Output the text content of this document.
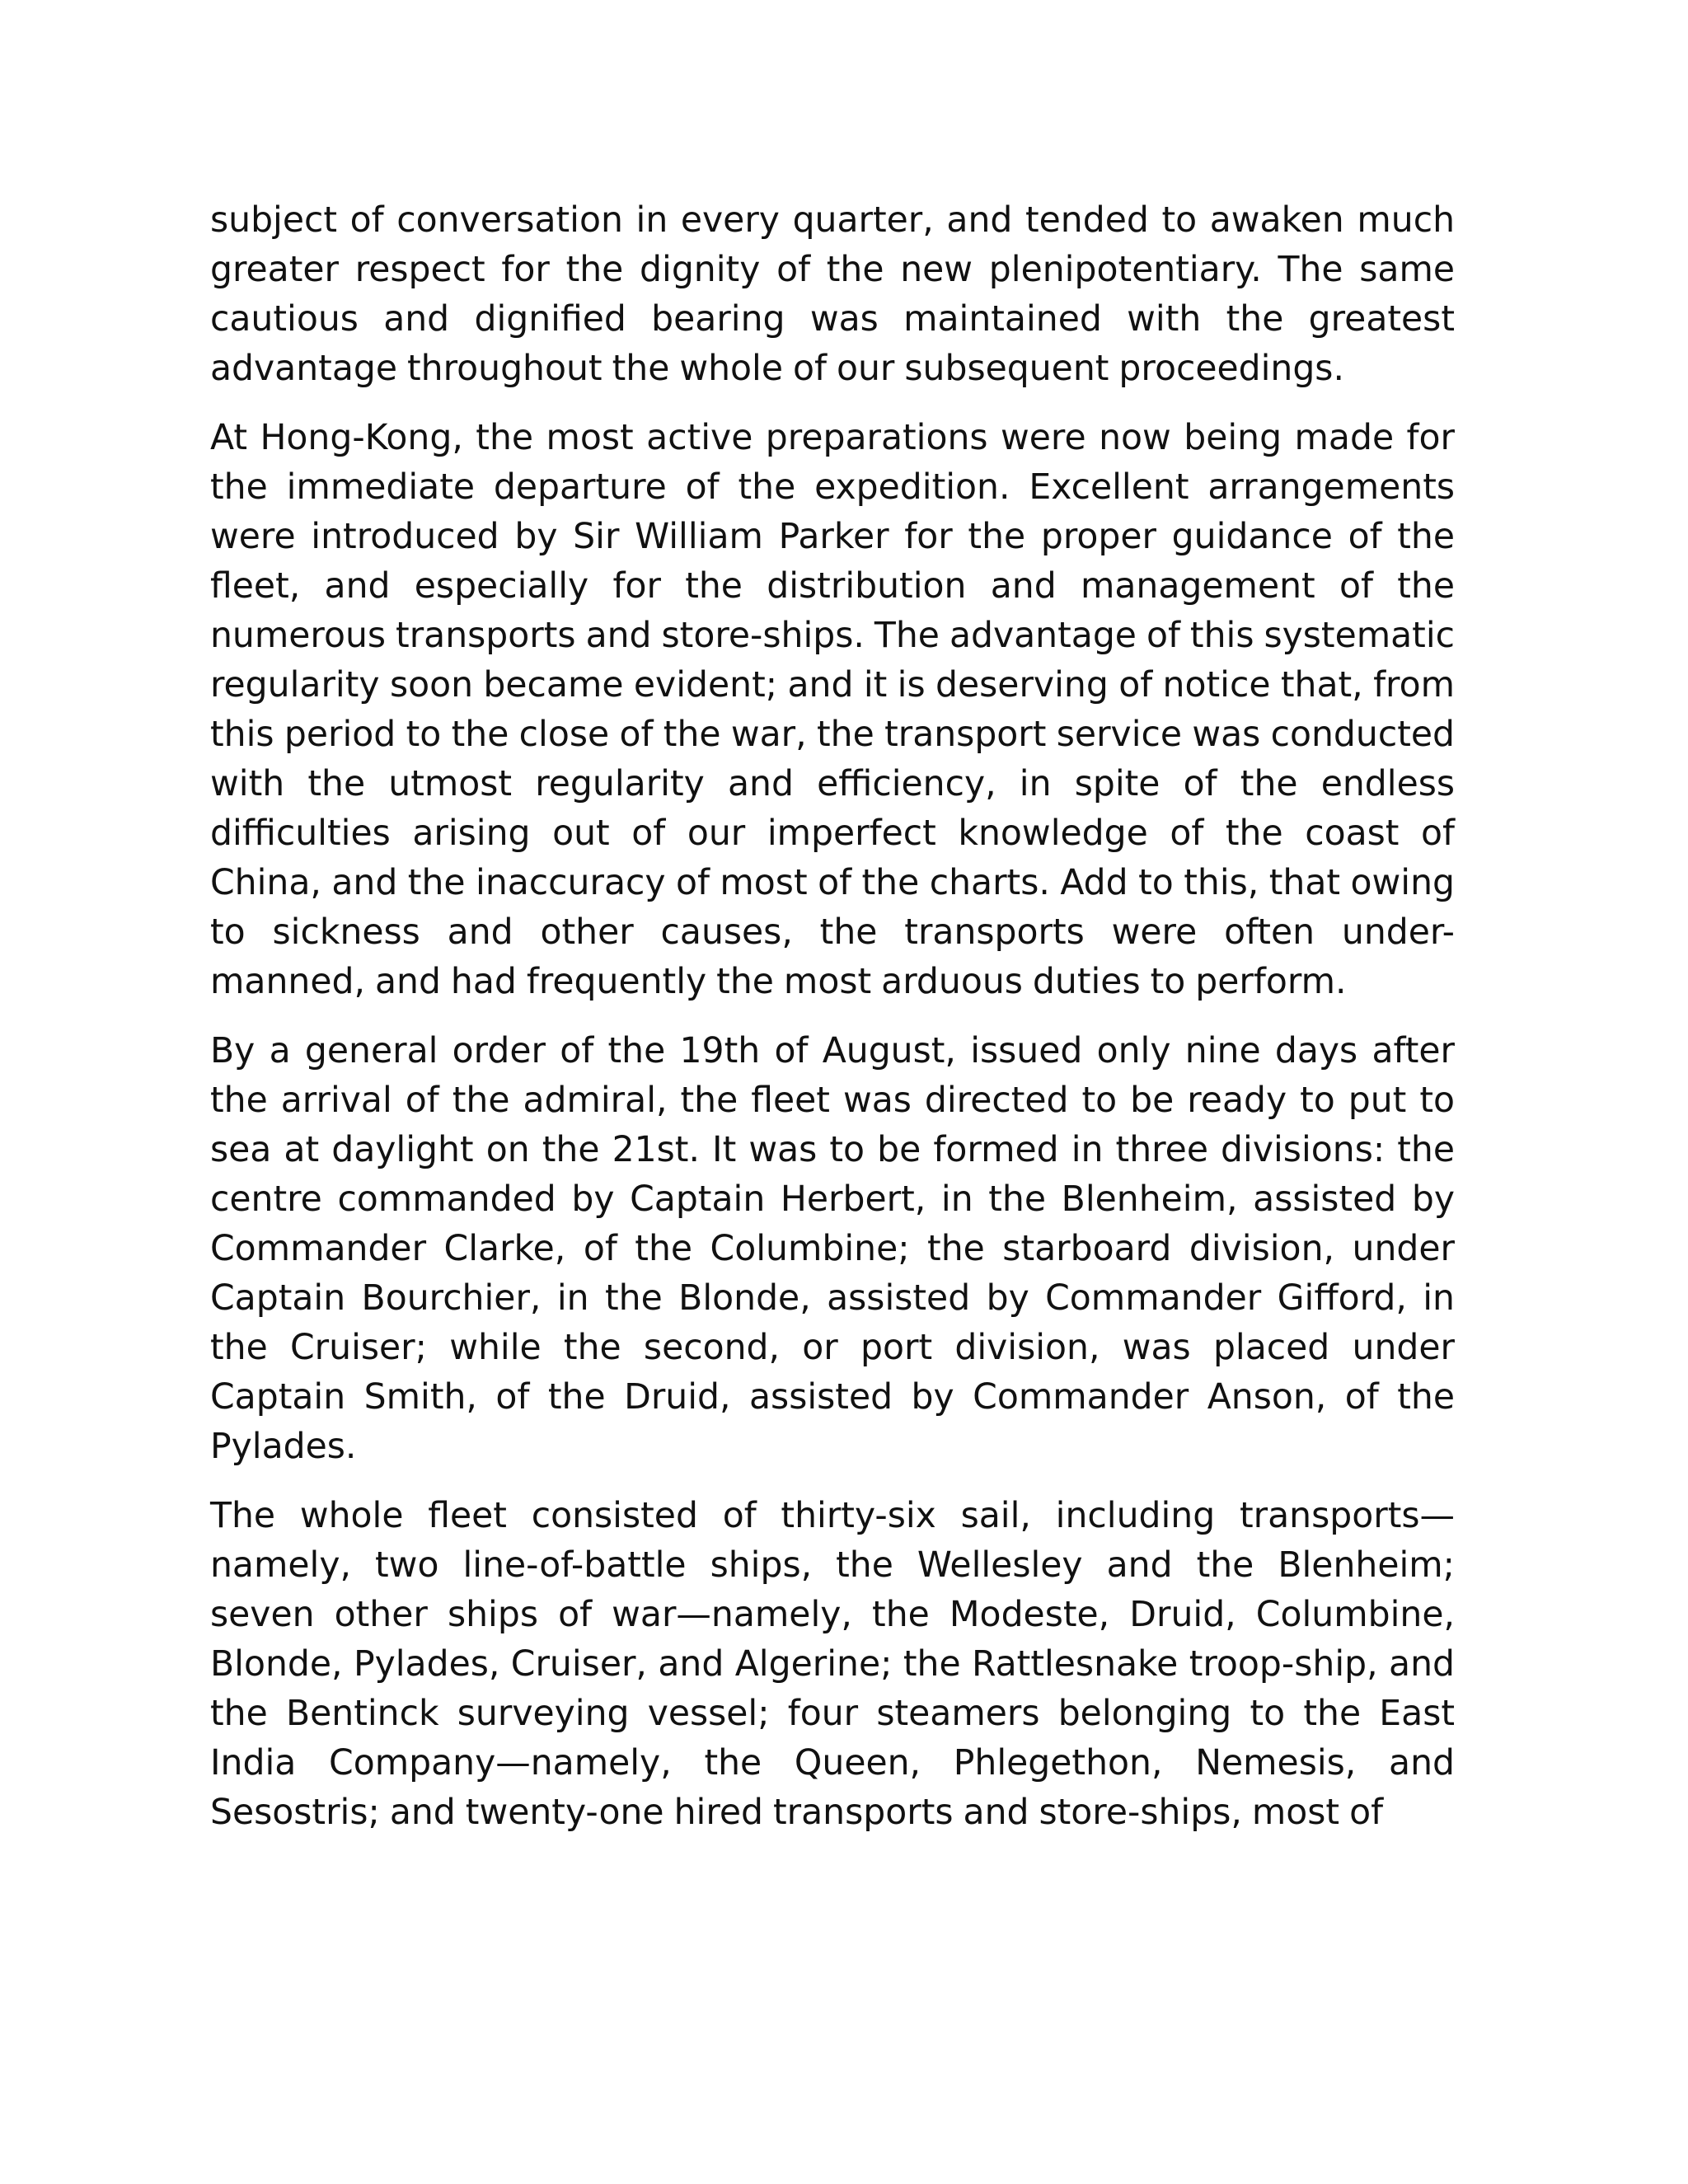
subject of conversation in every quarter, and tended to awaken much greater respect for the dignity of the new plenipotentiary. The same cautious and dignified bearing was maintained with the greatest advantage throughout the whole of our subsequent proceedings.

At Hong-Kong, the most active preparations were now being made for the immediate departure of the expedition. Excellent arrangements were introduced by Sir William Parker for the proper guidance of the fleet, and especially for the distribution and management of the numerous transports and store-ships. The advantage of this systematic regularity soon became evident; and it is deserving of notice that, from this period to the close of the war, the transport service was conducted with the utmost regularity and efficiency, in spite of the endless difficulties arising out of our imperfect knowledge of the coast of China, and the inaccuracy of most of the charts. Add to this, that owing to sickness and other causes, the transports were often under-manned, and had frequently the most arduous duties to perform.

By a general order of the 19th of August, issued only nine days after the arrival of the admiral, the fleet was directed to be ready to put to sea at daylight on the 21st. It was to be formed in three divisions: the centre commanded by Captain Herbert, in the Blenheim, assisted by Commander Clarke, of the Columbine; the starboard division, under Captain Bourchier, in the Blonde, assisted by Commander Gifford, in the Cruiser; while the second, or port division, was placed under Captain Smith, of the Druid, assisted by Commander Anson, of the Pylades.

The whole fleet consisted of thirty-six sail, including transports— namely, two line-of-battle ships, the Wellesley and the Blenheim; seven other ships of war—namely, the Modeste, Druid, Columbine, Blonde, Pylades, Cruiser, and Algerine; the Rattlesnake troop-ship, and the Bentinck surveying vessel; four steamers belonging to the East India Company—namely, the Queen, Phlegethon, Nemesis, and Sesostris; and twenty-one hired transports and store-ships, most of
